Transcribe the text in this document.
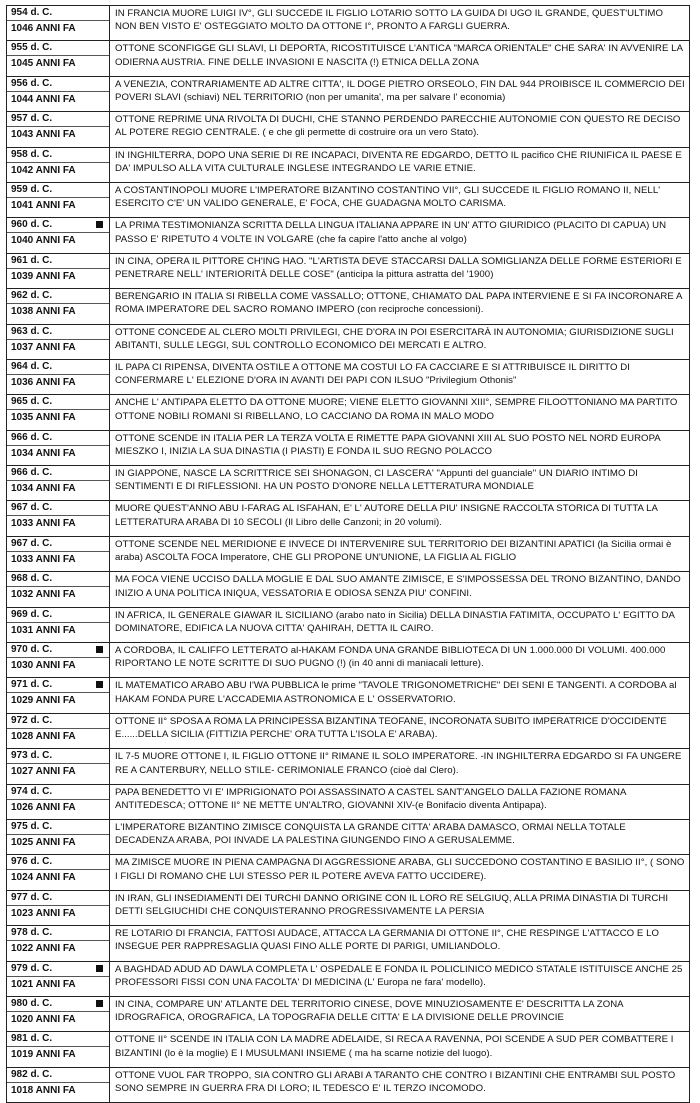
954 d. C.
1046 ANNI FA	IN FRANCIA MUORE LUIGI IV°, GLI SUCCEDE IL FIGLIO LOTARIO SOTTO LA GUIDA DI UGO IL GRANDE, QUEST'ULTIMO NON BEN VISTO E' OSTEGGIATO MOLTO DA OTTONE I°, PRONTO A FARGLI GUERRA.

955 d. C.
1045 ANNI FA	OTTONE SCONFIGGE GLI SLAVI, LI DEPORTA, RICOSTITUISCE L'ANTICA "MARCA ORIENTALE" CHE SARA' IN AVVENIRE LA ODIERNA AUSTRIA. FINE DELLE INVASIONI E NASCITA (!) ETNICA DELLA ZONA

956 d. C.
1044 ANNI FA	A VENEZIA, CONTRARIAMENTE AD ALTRE CITTA', IL DOGE PIETRO ORSEOLO, FIN DAL 944 PROIBISCE IL COMMERCIO DEI POVERI SLAVI (schiavi) NEL TERRITORIO (non per umanita', ma per salvare l' economia)

957 d. C.
1043 ANNI FA	OTTONE REPRIME UNA RIVOLTA DI DUCHI, CHE STANNO PERDENDO PARECCHIE AUTONOMIE CON QUESTO RE DECISO AL POTERE REGIO CENTRALE. ( e che gli permette di costruire ora un vero Stato).

958 d. C.
1042 ANNI FA	IN INGHILTERRA, DOPO UNA SERIE DI RE INCAPACI, DIVENTA RE EDGARDO, DETTO IL pacifico CHE RIUNIFICA IL PAESE E DA' IMPULSO ALLA VITA CULTURALE INGLESE INTEGRANDO LE VARIE ETNIE.

959 d. C.
1041 ANNI FA	A COSTANTINOPOLI MUORE L'IMPERATORE BIZANTINO COSTANTINO VII°, GLI SUCCEDE IL FIGLIO ROMANO II, NELL' ESERCITO C'E' UN VALIDO GENERALE, E' FOCA, CHE GUADAGNA MOLTO CARISMA.

960 d. C.
1040 ANNI FA	LA PRIMA TESTIMONIANZA SCRITTA DELLA LINGUA ITALIANA APPARE IN UN' ATTO GIURIDICO (PLACITO DI CAPUA) UN PASSO E' RIPETUTO 4 VOLTE IN VOLGARE (che fa capire l'atto anche al volgo)

961 d. C.
1039 ANNI FA	IN CINA, OPERA IL PITTORE CH'ING HAO. "L'ARTISTA DEVE STACCARSI DALLA SOMIGLIANZA DELLE FORME ESTERIORI E PENETRARE NELL' INTERIORITÀ DELLE COSE" (anticipa la pittura astratta del '1900)

962 d. C.
1038 ANNI FA	BERENGARIO IN ITALIA SI RIBELLA COME VASSALLO; OTTONE, CHIAMATO DAL PAPA INTERVIENE E SI FA INCORONARE A ROMA IMPERATORE DEL SACRO ROMANO IMPERO (con reciproche concessioni).

963 d. C.
1037 ANNI FA	OTTONE CONCEDE AL CLERO MOLTI PRIVILEGI, CHE D'ORA IN POI ESERCITARÀ IN AUTONOMIA; GIURISDIZIONE SUGLI ABITANTI, SULLE LEGGI, SUL CONTROLLO ECONOMICO DEI MERCATI E ALTRO.

964 d. C.
1036 ANNI FA	IL PAPA CI RIPENSA, DIVENTA OSTILE A OTTONE MA COSTUI LO FA CACCIARE E SI ATTRIBUISCE IL DIRITTO DI CONFERMARE L' ELEZIONE D'ORA IN AVANTI DEI PAPI CON ILSUO "Privilegium Othonis"

965 d. C.
1035 ANNI FA	ANCHE L' ANTIPAPA ELETTO DA OTTONE MUORE; VIENE ELETTO GIOVANNI XIII°, SEMPRE FILOOTTONIANO MA PARTITO OTTONE NOBILI ROMANI SI RIBELLANO, LO CACCIANO DA ROMA IN MALO MODO

966 d. C.
1034 ANNI FA	OTTONE SCENDE IN ITALIA PER LA TERZA VOLTA E RIMETTE PAPA GIOVANNI XIII AL SUO POSTO NEL NORD EUROPA MIESZKO I, INIZIA LA SUA DINASTIA (I PIASTI) E FONDA IL SUO REGNO POLACCO

966 d. C.
1034 ANNI FA	IN GIAPPONE, NASCE LA SCRITTRICE SEI SHONAGON, CI LASCERA' "Appunti del guanciale" UN DIARIO INTIMO DI SENTIMENTI E DI RIFLESSIONI. HA UN POSTO D'ONORE NELLA LETTERATURA MONDIALE

967 d. C.
1033 ANNI FA	MUORE QUEST'ANNO ABU I-FARAG AL ISFAHAN, E' L' AUTORE DELLA PIU' INSIGNE RACCOLTA STORICA DI TUTTA LA LETTERATURA ARABA DI 10 SECOLI (Il Libro delle Canzoni; in 20 volumi).

967 d. C.
1033 ANNI FA	OTTONE SCENDE NEL MERIDIONE E INVECE DI INTERVENIRE SUL TERRITORIO DEI BIZANTINI APATICI (la Sicilia ormai è araba) ASCOLTA FOCA Imperatore, CHE GLI PROPONE UN'UNIONE, LA FIGLIA AL FIGLIO

968 d. C.
1032 ANNI FA	MA FOCA VIENE UCCISO DALLA MOGLIE E DAL SUO AMANTE ZIMISCE, E S'IMPOSSESSA DEL TRONO BIZANTINO, DANDO INIZIO A UNA POLITICA INIQUA, VESSATORIA E ODIOSA SENZA PIU' CONFINI.

969 d. C.
1031 ANNI FA	IN AFRICA, IL GENERALE GIAWAR IL SICILIANO (arabo nato in Sicilia) DELLA DINASTIA FATIMITA, OCCUPATO L' EGITTO DA DOMINATORE, EDIFICA LA NUOVA CITTA' QAHIRAH, DETTA IL CAIRO.

970 d. C.
1030 ANNI FA	A CORDOBA, IL CALIFFO LETTERATO al-HAKAM FONDA UNA GRANDE BIBLIOTECA DI UN 1.000.000 DI VOLUMI. 400.000 RIPORTANO LE NOTE SCRITTE DI SUO PUGNO (!) (in 40 anni di maniacali letture).

971 d. C.
1029 ANNI FA	IL MATEMATICO ARABO ABU I'WA PUBBLICA le prime "TAVOLE TRIGONOMETRICHE" DEI SENI E TANGENTI. A CORDOBA al HAKAM FONDA PURE L'ACCADEMIA ASTRONOMICA E L' OSSERVATORIO.

972 d. C.
1028 ANNI FA	OTTONE II° SPOSA A ROMA LA PRINCIPESSA BIZANTINA TEOFANE, INCORONATA SUBITO IMPERATRICE D'OCCIDENTE E......DELLA SICILIA (FITTIZIA PERCHE' ORA TUTTA L'ISOLA E' ARABA).

973 d. C.
1027 ANNI FA	IL 7-5 MUORE OTTONE I, IL FIGLIO OTTONE II° RIMANE IL SOLO IMPERATORE. -IN INGHILTERRA EDGARDO SI FA UNGERE RE A CANTERBURY, NELLO STILE- CERIMONIALE FRANCO (cioè dal Clero).

974 d. C.
1026 ANNI FA	PAPA BENEDETTO VI E' IMPRIGIONATO POI ASSASSINATO A CASTEL SANT'ANGELO DALLA FAZIONE ROMANA ANTITEDESCA; OTTONE II° NE METTE UN'ALTRO, GIOVANNI XIV-(e Bonifacio diventa Antipapa).

975 d. C.
1025 ANNI FA	L'IMPERATORE BIZANTINO ZIMISCE CONQUISTA LA GRANDE CITTA' ARABA DAMASCO, ORMAI NELLA TOTALE DECADENZA ARABA, POI INVADE LA PALESTINA GIUNGENDO FINO A GERUSALEMME.

976 d. C.
1024 ANNI FA	MA ZIMISCE MUORE IN PIENA CAMPAGNA DI AGGRESSIONE ARABA, GLI SUCCEDONO COSTANTINO E BASILIO II°, ( SONO I FIGLI DI ROMANO CHE LUI STESSO PER IL POTERE AVEVA FATTO UCCIDERE).

977 d. C.
1023 ANNI FA	IN IRAN, GLI INSEDIAMENTI DEI TURCHI DANNO ORIGINE CON IL LORO RE SELGIUQ, ALLA PRIMA DINASTIA DI TURCHI DETTI SELGIUCHIDI CHE CONQUISTERANNO PROGRESSIVAMENTE LA PERSIA

978 d. C.
1022 ANNI FA	RE LOTARIO DI FRANCIA, FATTOSI AUDACE, ATTACCA LA GERMANIA DI OTTONE II°, CHE RESPINGE L'ATTACCO E LO INSEGUE PER RAPPRESAGLIA QUASI FINO ALLE PORTE DI PARIGI, UMILIANDOLO.

979 d. C.
1021 ANNI FA	A BAGHDAD ADUD AD DAWLA COMPLETA L' OSPEDALE E FONDA IL POLICLINICO MEDICO STATALE ISTITUISCE ANCHE 25 PROFESSORI FISSI CON UNA FACOLTA' DI MEDICINA (L' Europa ne fara' modello).

980 d. C.
1020 ANNI FA	IN CINA, COMPARE UN' ATLANTE DEL TERRITORIO CINESE, DOVE MINUZIOSAMENTE E' DESCRITTA LA ZONA IDROGRAFICA, OROGRAFICA, LA TOPOGRAFIA DELLE CITTA' E LA DIVISIONE DELLE PROVINCIE

981 d. C.
1019 ANNI FA	OTTONE II° SCENDE IN ITALIA CON LA MADRE ADELAIDE, SI RECA A RAVENNA, POI SCENDE A SUD PER COMBATTERE I BIZANTINI (lo è la moglie) E I MUSULMANI INSIEME ( ma ha scarne notizie del luogo).

982 d. C.
1018 ANNI FA	OTTONE VUOL FAR TROPPO, SIA CONTRO GLI ARABI A TARANTO CHE CONTRO I BIZANTINI CHE ENTRAMBI SUL POSTO SONO SEMPRE IN GUERRA FRA DI LORO; IL TEDESCO E' IL TERZO INCOMODO.
